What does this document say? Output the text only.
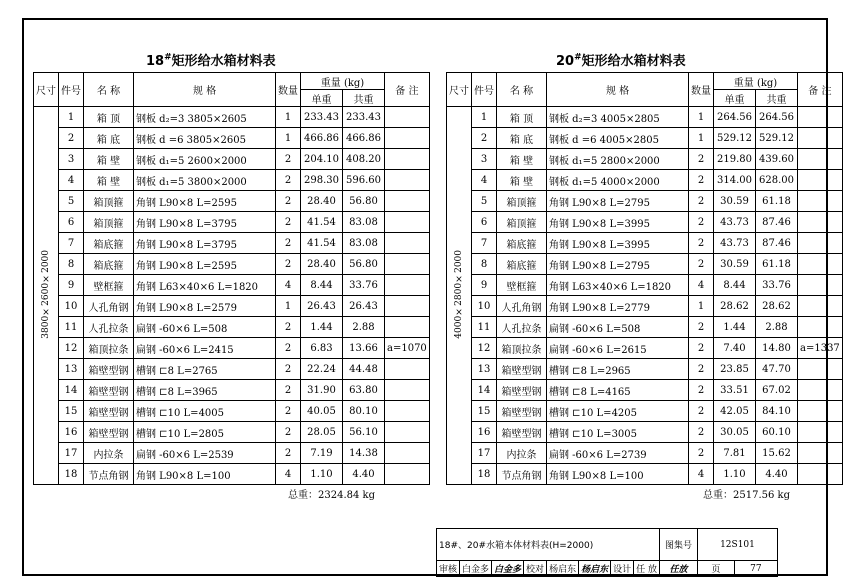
18#矩形给水箱材料表	20#矩形给水箱材料表
尺寸	件号	名 称	规 格	数量	重量 (kg)		备 注
					单重	共重	
3800×2600×2000	1	箱 顶	钢板 d₂=3 3805×2605	1	233.43	233.43	
	2	箱 底	钢板 d =6 3805×2605	1	466.86	466.86	
	3	箱 壁	钢板 d₁=5 2600×2000	2	204.10	408.20	
	4	箱 壁	钢板 d₁=5 3800×2000	2	298.30	596.60	
	5	箱顶箍	角钢 L90×8 L=2595	2	28.40	56.80	
	6	箱顶箍	角钢 L90×8 L=3795	2	41.54	83.08	
	7	箱底箍	角钢 L90×8 L=3795	2	41.54	83.08	
	8	箱底箍	角钢 L90×8 L=2595	2	28.40	56.80	
	9	壁框箍	角钢 L63×40×6 L=1820	4	8.44	33.76	
	10	人孔角钢	角钢 L90×8 L=2579	1	26.43	26.43	
	11	人孔拉条	扁钢 -60×6 L=508	2	1.44	2.88	
	12	箱顶拉条	扁钢 -60×6 L=2415	2	6.83	13.66	a=1070
	13	箱壁型钢	槽钢 ⊏8 L=2765	2	22.24	44.48	
	14	箱壁型钢	槽钢 ⊏8 L=3965	2	31.90	63.80	
	15	箱壁型钢	槽钢 ⊏10 L=4005	2	40.05	80.10	
	16	箱壁型钢	槽钢 ⊏10 L=2805	2	28.05	56.10	
	17	内拉条	扁钢 -60×6 L=2539	2	7.19	14.38	
	18	节点角钢	角钢 L90×8 L=100	4	1.10	4.40	
尺寸	件号	名 称	规 格	数量	重量 (kg)		备 注
					单重	共重	
4000×2800×2000	1	箱 顶	钢板 d₂=3 4005×2805	1	264.56	264.56	
	2	箱 底	钢板 d =6 4005×2805	1	529.12	529.12	
	3	箱 壁	钢板 d₁=5 2800×2000	2	219.80	439.60	
	4	箱 壁	钢板 d₁=5 4000×2000	2	314.00	628.00	
	5	箱顶箍	角钢 L90×8 L=2795	2	30.59	61.18	
	6	箱顶箍	角钢 L90×8 L=3995	2	43.73	87.46	
	7	箱底箍	角钢 L90×8 L=3995	2	43.73	87.46	
	8	箱底箍	角钢 L90×8 L=2795	2	30.59	61.18	
	9	壁框箍	角钢 L63×40×6 L=1820	4	8.44	33.76	
	10	人孔角钢	角钢 L90×8 L=2779	1	28.62	28.62	
	11	人孔拉条	扁钢 -60×6 L=508	2	1.44	2.88	
	12	箱顶拉条	扁钢 -60×6 L=2615	2	7.40	14.80	a=1337
	13	箱壁型钢	槽钢 ⊏8 L=2965	2	23.85	47.70	
	14	箱壁型钢	槽钢 ⊏8 L=4165	2	33.51	67.02	
	15	箱壁型钢	槽钢 ⊏10 L=4205	2	42.05	84.10	
	16	箱壁型钢	槽钢 ⊏10 L=3005	2	30.05	60.10	
	17	内拉条	扁钢 -60×6 L=2739	2	7.81	15.62	
	18	节点角钢	角钢 L90×8 L=100	4	1.10	4.40	
总重：2324.84 kg	总重：2517.56 kg
18#、20#水箱本体材料表(H=2000)								图集号	12S101	
审核	白金多	白金多	校对	杨启东	杨启东	设计	任 放	任放	页	77
